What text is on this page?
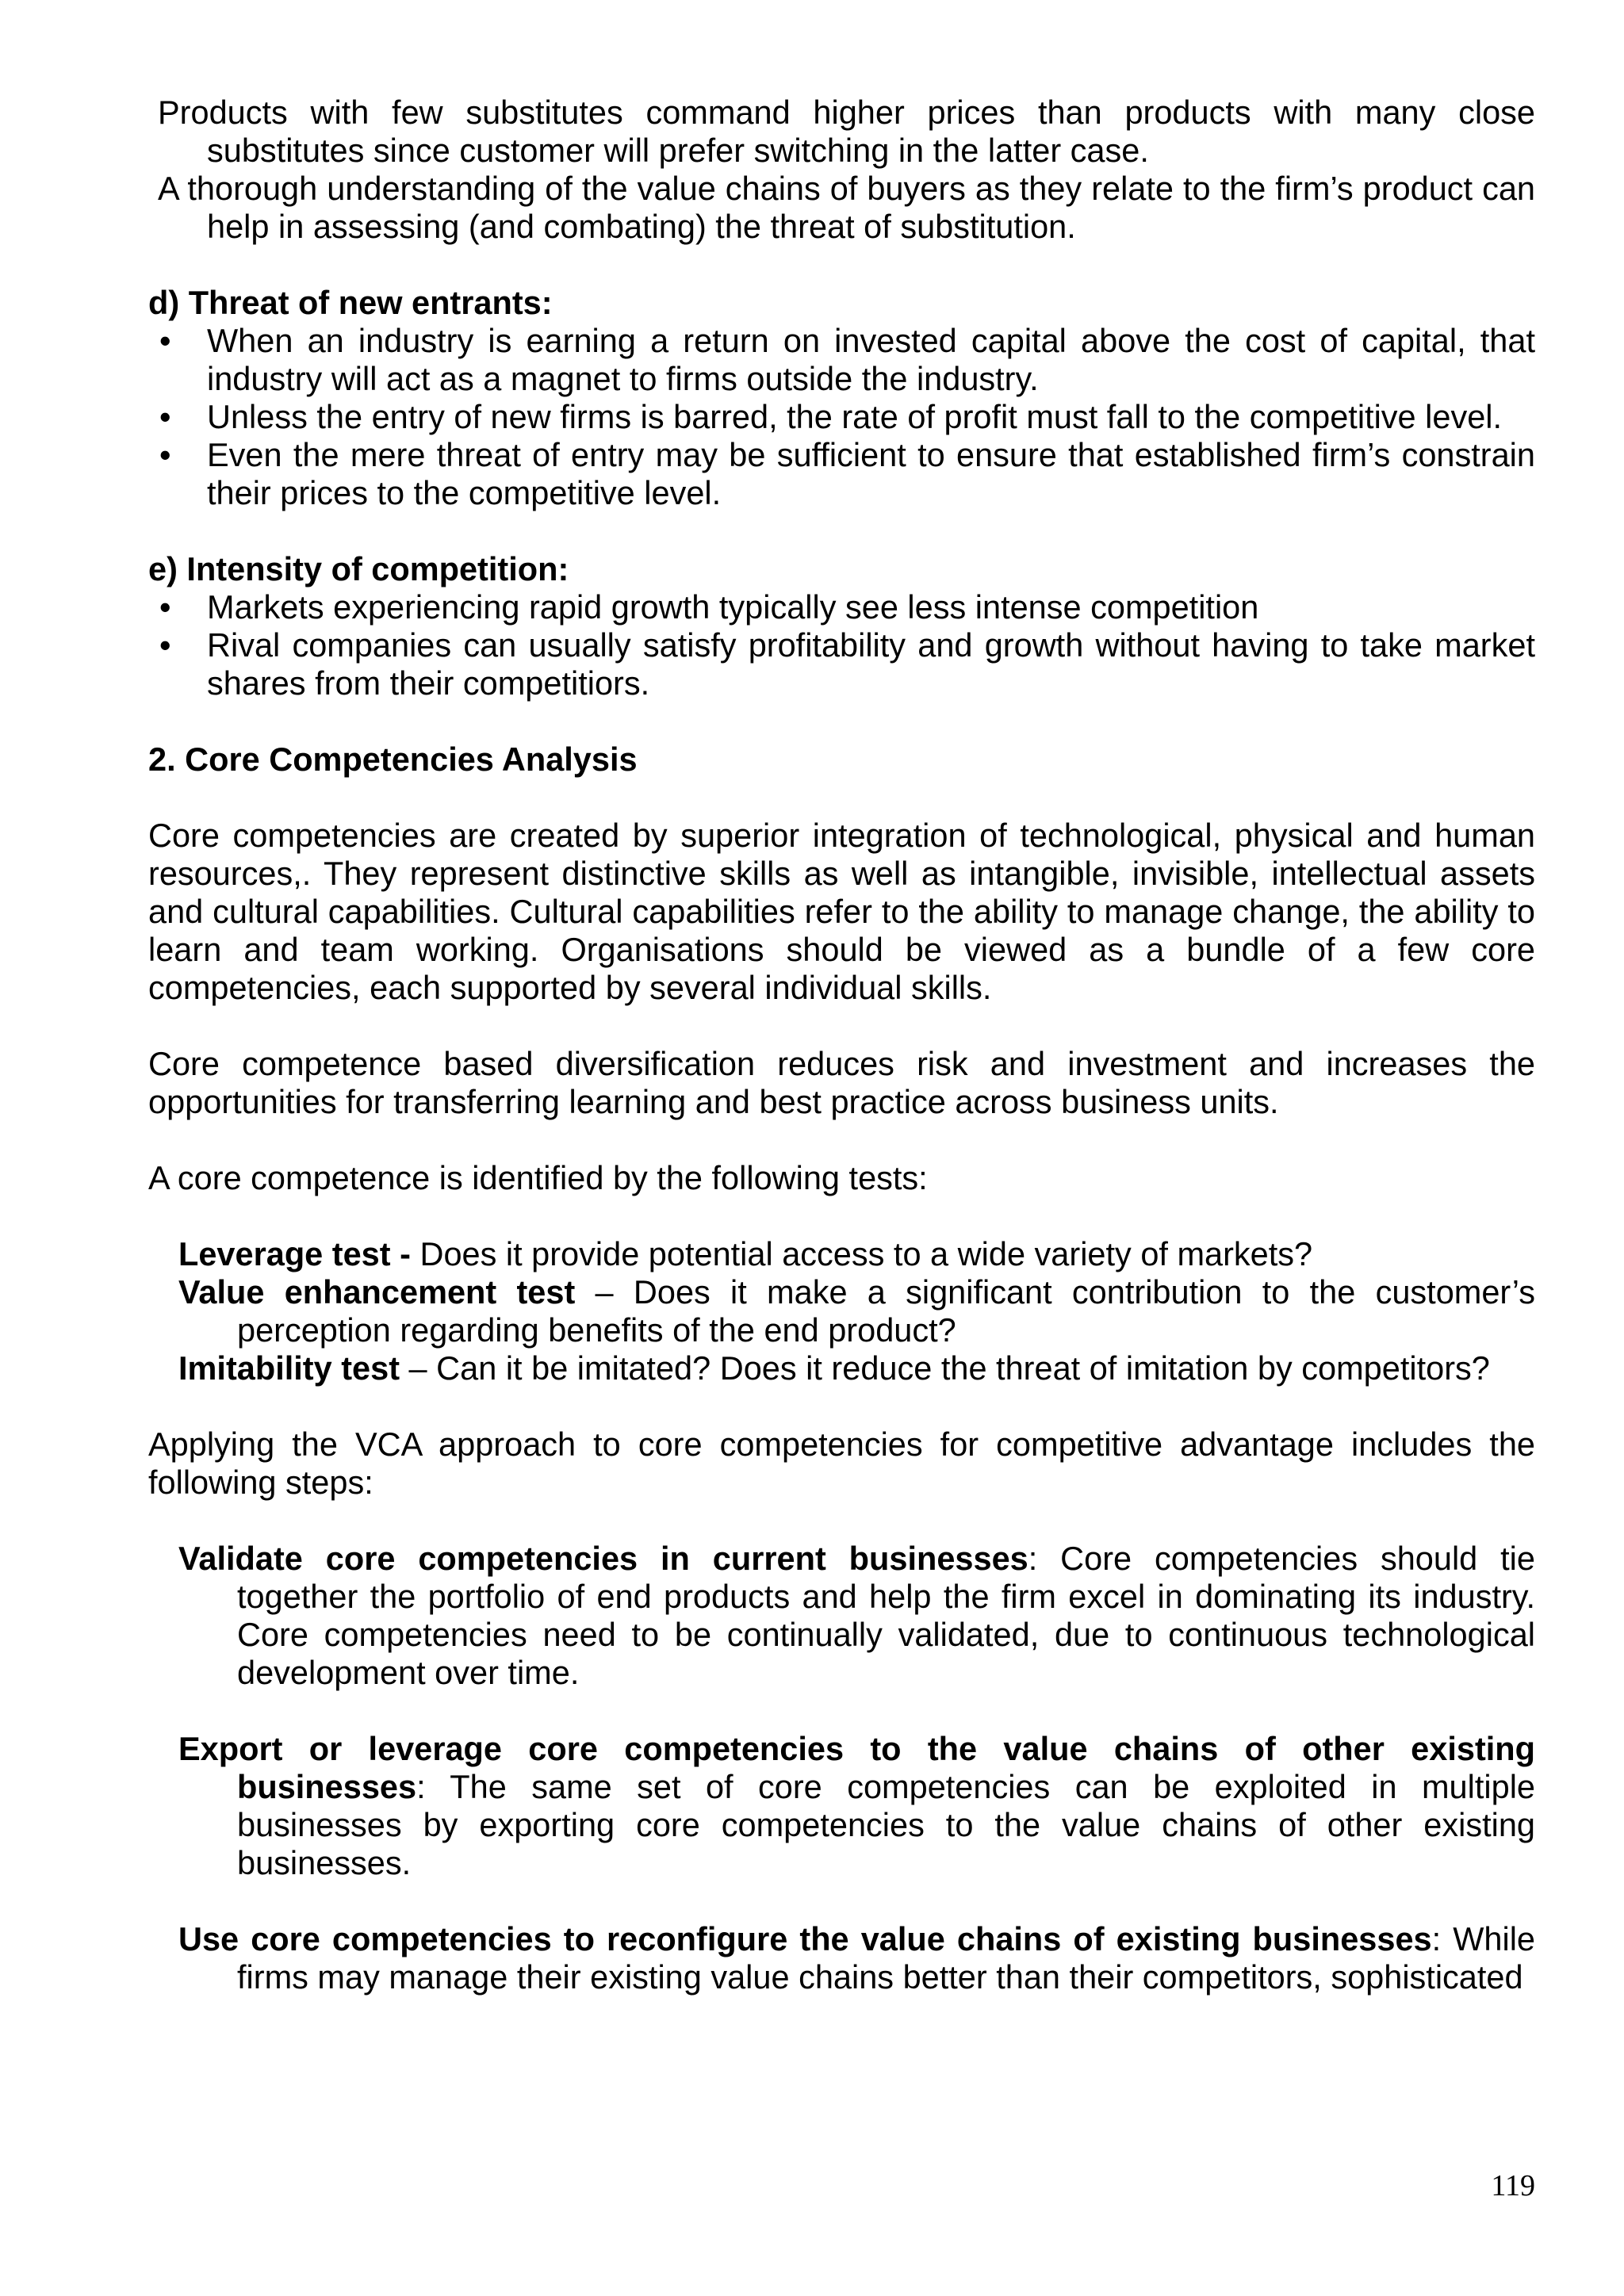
Products with few substitutes command higher prices than products with many close substitutes since customer will prefer switching in the latter case.

A thorough understanding of the value chains of buyers as they relate to the firm’s product can help in assessing (and combating) the threat of substitution.

d) Threat of new entrants:

• When an industry is earning a return on invested capital above the cost of capital, that industry will act as a magnet to firms outside the industry.
• Unless the entry of new firms is barred, the rate of profit must fall to the competitive level.
• Even the mere threat of entry may be sufficient to ensure that established firm’s constrain their prices to the competitive level.

e) Intensity of competition:

• Markets experiencing rapid growth typically see less intense competition
• Rival companies can usually satisfy profitability and growth without having to take market shares from their competitiors.

2. Core Competencies Analysis

Core competencies are created by superior integration of technological, physical and human resources,. They represent distinctive skills as well as intangible, invisible, intellectual assets and cultural capabilities. Cultural capabilities refer to the ability to manage change, the ability to learn and team working. Organisations should be viewed as a bundle of a few core competencies, each supported by several individual skills.

Core competence based diversification reduces risk and investment and increases the opportunities for transferring learning and best practice across business units.

A core competence is identified by the following tests:

Leverage test - Does it provide potential access to a wide variety of markets?

Value enhancement test – Does it make a significant contribution to the customer’s perception regarding benefits of the end product?

Imitability test – Can it be imitated? Does it reduce the threat of imitation by competitors?

Applying the VCA approach to core competencies for competitive advantage includes the following steps:

Validate core competencies in current businesses: Core competencies should tie together the portfolio of end products and help the firm excel in dominating its industry. Core competencies need to be continually validated, due to continuous technological development over time.

Export or leverage core competencies to the value chains of other existing businesses: The same set of core competencies can be exploited in multiple businesses by exporting core competencies to the value chains of other existing businesses.

Use core competencies to reconfigure the value chains of existing businesses: While firms may manage their existing value chains better than their competitors, sophisticated

119
